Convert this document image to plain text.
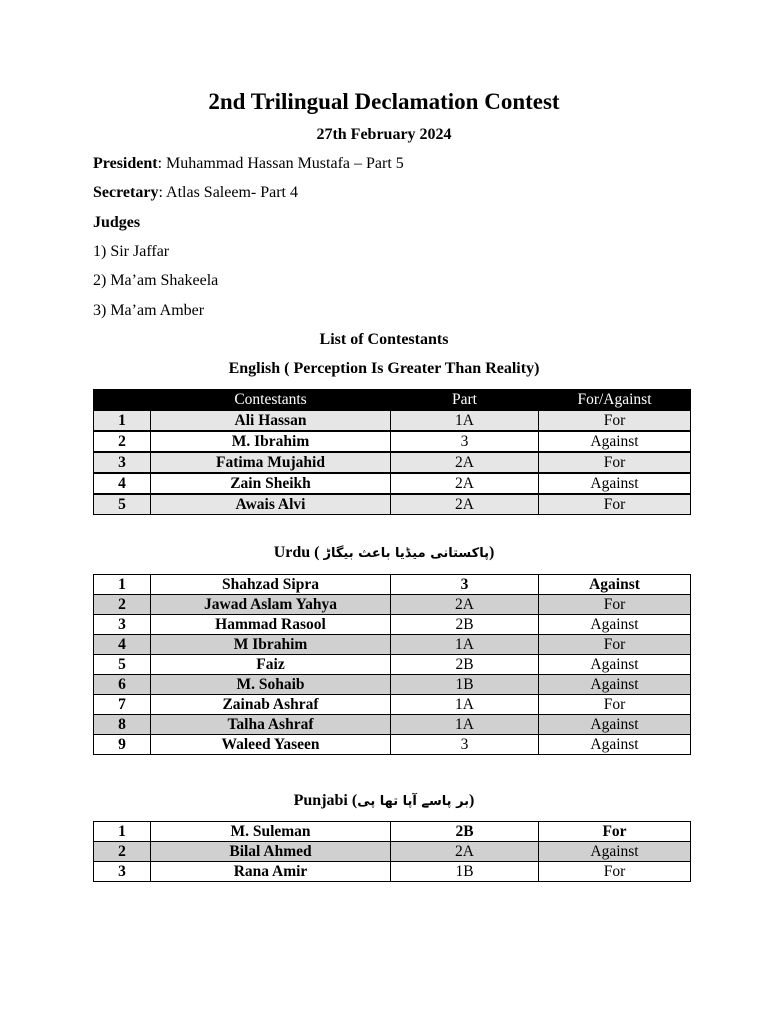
2nd Trilingual Declamation Contest
27th February 2024
President: Muhammad Hassan Mustafa – Part 5
Secretary: Atlas Saleem- Part 4
Judges
1) Sir Jaffar
2) Ma’am Shakeela
3) Ma’am Amber
List of Contestants
English ( Perception Is Greater Than Reality)
	Contestants	Part	For/Against
1	Ali Hassan	1A	For
2	M. Ibrahim	3	Against
3	Fatima Mujahid	2A	For
4	Zain Sheikh	2A	Against
5	Awais Alvi	2A	For
Urdu ( پاکستانی میڈیا باعث بیگاڑ)
1	Shahzad Sipra	3	Against
2	Jawad Aslam Yahya	2A	For
3	Hammad Rasool	2B	Against
4	M Ibrahim	1A	For
5	Faiz	2B	Against
6	M. Sohaib	1B	Against
7	Zainab Ashraf	1A	For
8	Talha Ashraf	1A	Against
9	Waleed Yaseen	3	Against
Punjabi (بر پاسے آپا تھا پی)
1	M. Suleman	2B	For
2	Bilal Ahmed	2A	Against
3	Rana Amir	1B	For
